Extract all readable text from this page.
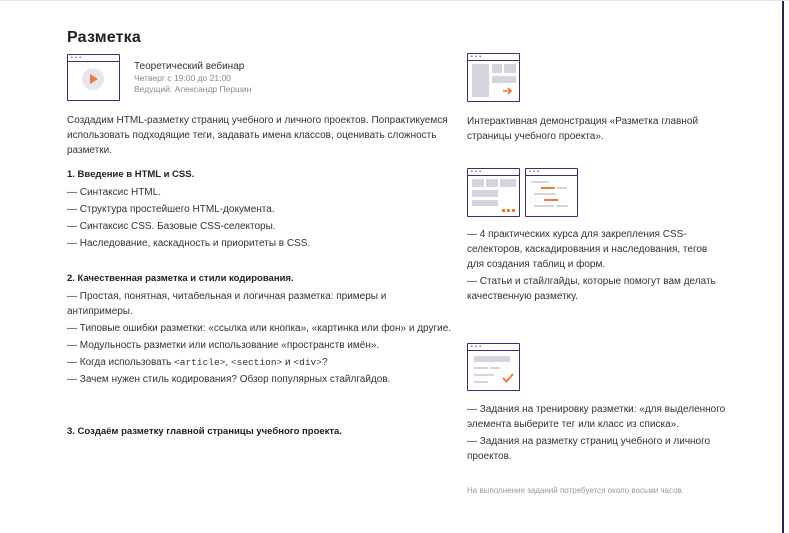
Разметка
• • •
Теоретический вебинар
Четверг с 19:00 до 21:00
Ведущий: Александр Першин

Создадим HTML-разметку страниц учебного и личного проектов. Попрактикуемся использовать подходящие теги, задавать имена классов, оценивать сложность разметки.

1. Введение в HTML и CSS.
— Синтаксис HTML.
— Структура простейшего HTML-документа.
— Синтаксис CSS. Базовые CSS-селекторы.
— Наследование, каскадность и приоритеты в CSS.
2. Качественная разметка и стили кодирования.
— Простая, понятная, читабельная и логичная разметка: примеры и антипримеры.
— Типовые ошибки разметки: «ссылка или кнопка», «картинка или фон» и другие.
— Модульность разметки или использование «пространств имён».
— Когда использовать <article>, <section> и <div>?
— Зачем нужен стиль кодирования? Обзор популярных стайлгайдов.
3. Создаём разметку главной страницы учебного проекта.
• • •

Интерактивная демонстрация «Разметка главной страницы учебного проекта».

• • •	• • •
— 4 практических курса для закрепления CSS-селекторов, каскадирования и наследования, тегов для создания таблиц и форм.
— Статьи и стайлгайды, которые помогут вам делать качественную разметку.
• • •
— Задания на тренировку разметки: «для выделенного элемента выберите тег или класс из списка».
— Задания на разметку страниц учебного и личного проектов.

На выполнение заданий потребуется около восьми часов.
